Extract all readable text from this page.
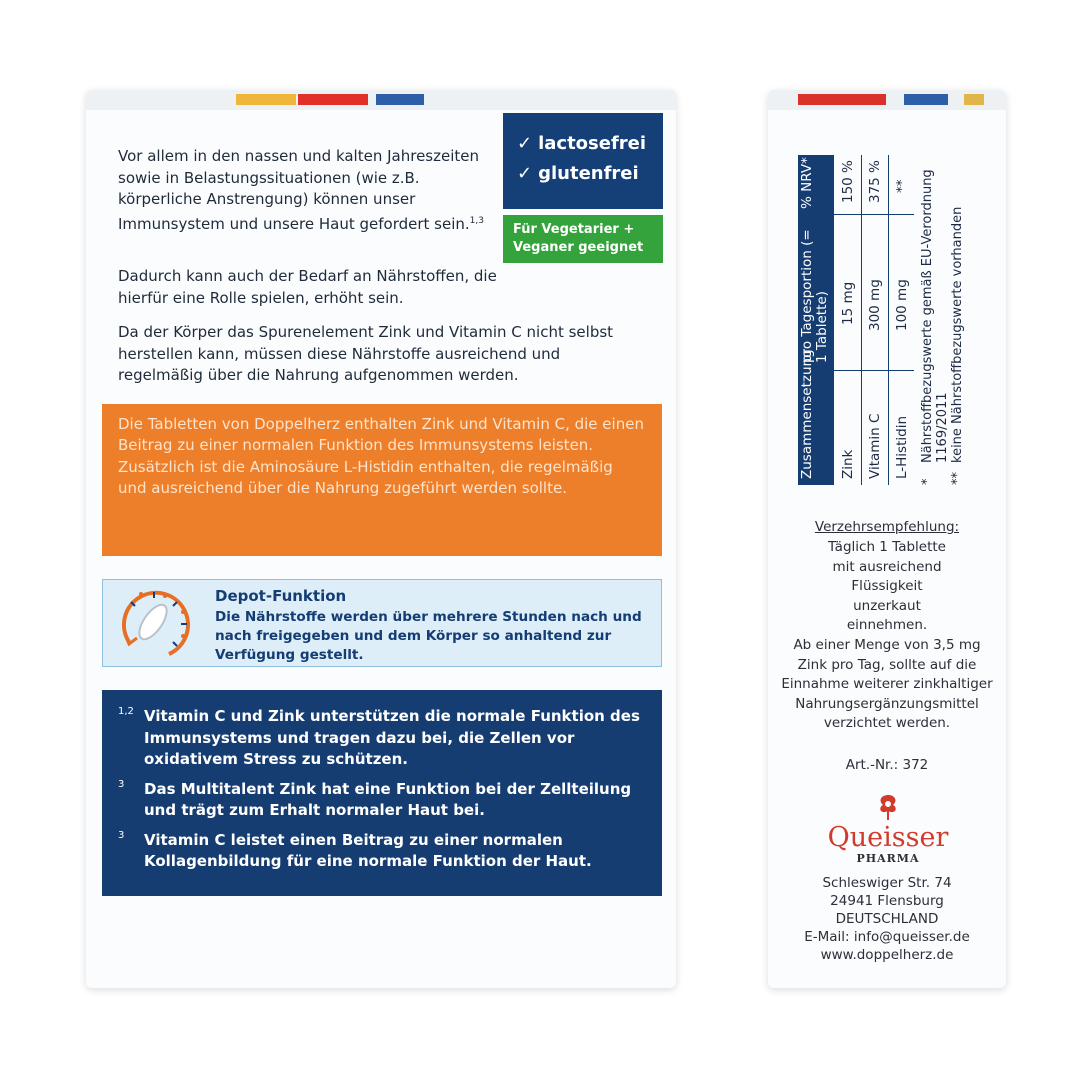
Vor allem in den nassen und kalten Jahreszeiten sowie in Belastungssituationen (wie z.B. körperliche Anstrengung) können unser Immunsystem und unsere Haut gefordert sein.$^{1,3}$

Dadurch kann auch der Bedarf an Nährstoffen, die hierfür eine Rolle spielen, erhöht sein.

Da der Körper das Spurenelement Zink und Vitamin C nicht selbst herstellen kann, müssen diese Nährstoffe ausreichend und regelmäßig über die Nahrung aufgenommen werden.

✓ lactosefrei
✓ glutenfrei
Für Vegetarier + Veganer geeignet

Die Tabletten von Doppelherz enthalten Zink und Vitamin C, die einen Beitrag zu einer normalen Funktion des Immunsystems leisten.

Zusätzlich ist die Aminosäure L-Histidin enthalten, die regelmäßig und ausreichend über die Nahrung zugeführt werden sollte.

Depot-Funktion

Die Nährstoffe werden über mehrere Stunden nach und nach freigegeben und dem Körper so anhaltend zur Verfügung gestellt.

1,2 Vitamin C und Zink unterstützen die normale Funktion des Immunsystems und tragen dazu bei, die Zellen vor oxidativem Stress zu schützen.
3 Das Multitalent Zink hat eine Funktion bei der Zellteilung und trägt zum Erhalt normaler Haut bei.
3 Vitamin C leistet einen Beitrag zu einer normalen Kollagenbildung für eine normale Funktion der Haut.
Zusammensetzung
pro Tagesportion (= 1 Tablette)
% NRV*
Zink
15 mg
150 %
Vitamin C
300 mg
375 %
L-Histidin
100 mg
**

*
Nährstoffbezugswerte gemäß EU-Verordnung 1169/2011

**
keine Nährstoffbezugswerte vorhanden

Verzehrsempfehlung:

Täglich 1 Tablette mit ausreichend Flüssigkeit unzerkaut einnehmen.

Ab einer Menge von 3,5 mg Zink pro Tag, sollte auf die Einnahme weiterer zinkhaltiger Nahrungsergänzungsmittel verzichtet werden.

Art.-Nr.: 372

Queisser
PHARMA

Schleswiger Str. 74

24941 Flensburg

DEUTSCHLAND

E-Mail: info@queisser.de

www.doppelherz.de
